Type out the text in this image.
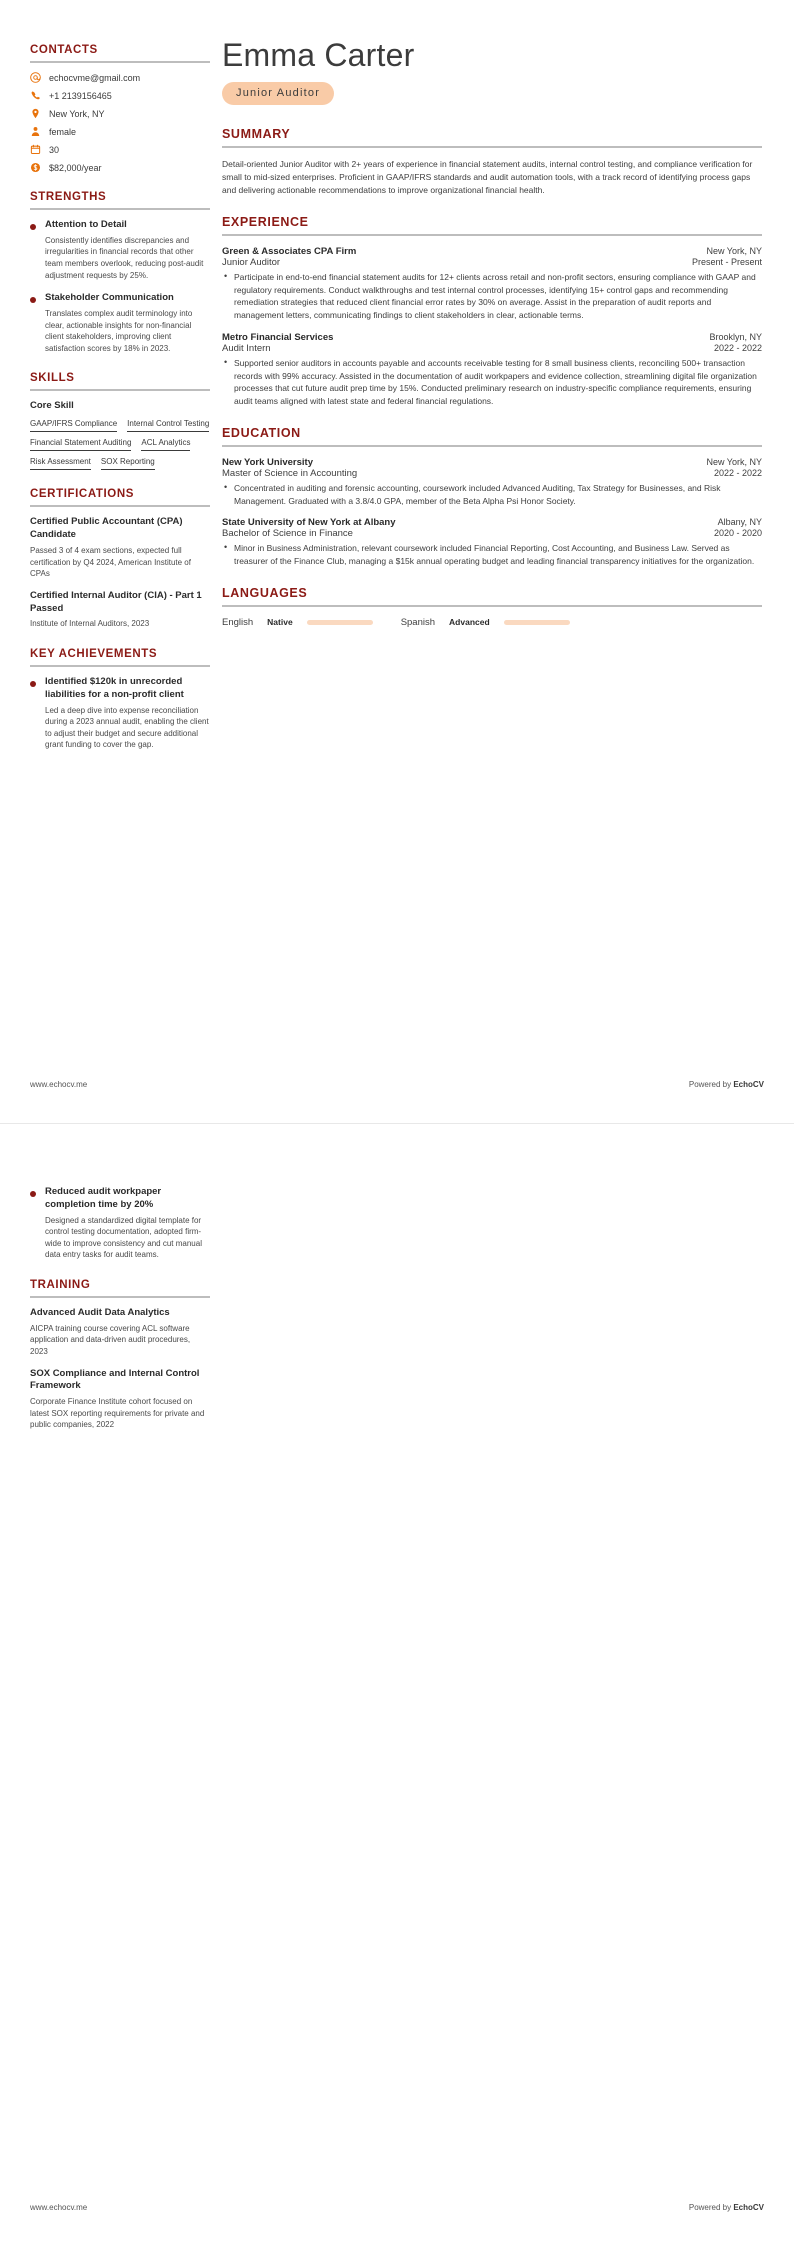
CONTACTS
echocvme@gmail.com
+1 2139156465
New York, NY
female
30
$82,000/year
STRENGTHS
Attention to Detail
Consistently identifies discrepancies and irregularities in financial records that other team members overlook, reducing post-audit adjustment requests by 25%.
Stakeholder Communication
Translates complex audit terminology into clear, actionable insights for non-financial client stakeholders, improving client satisfaction scores by 18% in 2023.
SKILLS
Core Skill
GAAP/IFRS Compliance Internal Control Testing
Financial Statement Auditing ACL Analytics
Risk Assessment SOX Reporting
CERTIFICATIONS
Certified Public Accountant (CPA) Candidate
Passed 3 of 4 exam sections, expected full certification by Q4 2024, American Institute of CPAs
Certified Internal Auditor (CIA) - Part 1 Passed
Institute of Internal Auditors, 2023
KEY ACHIEVEMENTS
Identified $120k in unrecorded liabilities for a non-profit client
Led a deep dive into expense reconciliation during a 2023 annual audit, enabling the client to adjust their budget and secure additional grant funding to cover the gap.
Emma Carter
Junior Auditor
SUMMARY
Detail-oriented Junior Auditor with 2+ years of experience in financial statement audits, internal control testing, and compliance verification for small to mid-sized enterprises. Proficient in GAAP/IFRS standards and audit automation tools, with a track record of identifying process gaps and delivering actionable recommendations to improve organizational financial health.
EXPERIENCE
Green & Associates CPA Firm	New York, NY
Junior Auditor	Present - Present
• Participate in end-to-end financial statement audits for 12+ clients across retail and non-profit sectors, ensuring compliance with GAAP and regulatory requirements. Conduct walkthroughs and test internal control processes, identifying 15+ control gaps and recommending remediation strategies that reduced client financial error rates by 30% on average. Assist in the preparation of audit reports and management letters, communicating findings to client stakeholders in clear, actionable terms.
Metro Financial Services	Brooklyn, NY
Audit Intern	2022 - 2022
• Supported senior auditors in accounts payable and accounts receivable testing for 8 small business clients, reconciling 500+ transaction records with 99% accuracy. Assisted in the documentation of audit workpapers and evidence collection, streamlining digital file organization processes that cut future audit prep time by 15%. Conducted preliminary research on industry-specific compliance requirements, ensuring audit teams aligned with latest state and federal financial regulations.
EDUCATION
New York University	New York, NY
Master of Science in Accounting	2022 - 2022
• Concentrated in auditing and forensic accounting, coursework included Advanced Auditing, Tax Strategy for Businesses, and Risk Management. Graduated with a 3.8/4.0 GPA, member of the Beta Alpha Psi Honor Society.
State University of New York at Albany	Albany, NY
Bachelor of Science in Finance	2020 - 2020
• Minor in Business Administration, relevant coursework included Financial Reporting, Cost Accounting, and Business Law. Served as treasurer of the Finance Club, managing a $15k annual operating budget and leading financial transparency initiatives for the organization.
LANGUAGES
English Native	Spanish Advanced
www.echocv.me	Powered by EchoCV
Reduced audit workpaper completion time by 20%
Designed a standardized digital template for control testing documentation, adopted firm-wide to improve consistency and cut manual data entry tasks for audit teams.
TRAINING
Advanced Audit Data Analytics
AICPA training course covering ACL software application and data-driven audit procedures, 2023
SOX Compliance and Internal Control Framework
Corporate Finance Institute cohort focused on latest SOX reporting requirements for private and public companies, 2022
www.echocv.me	Powered by EchoCV
